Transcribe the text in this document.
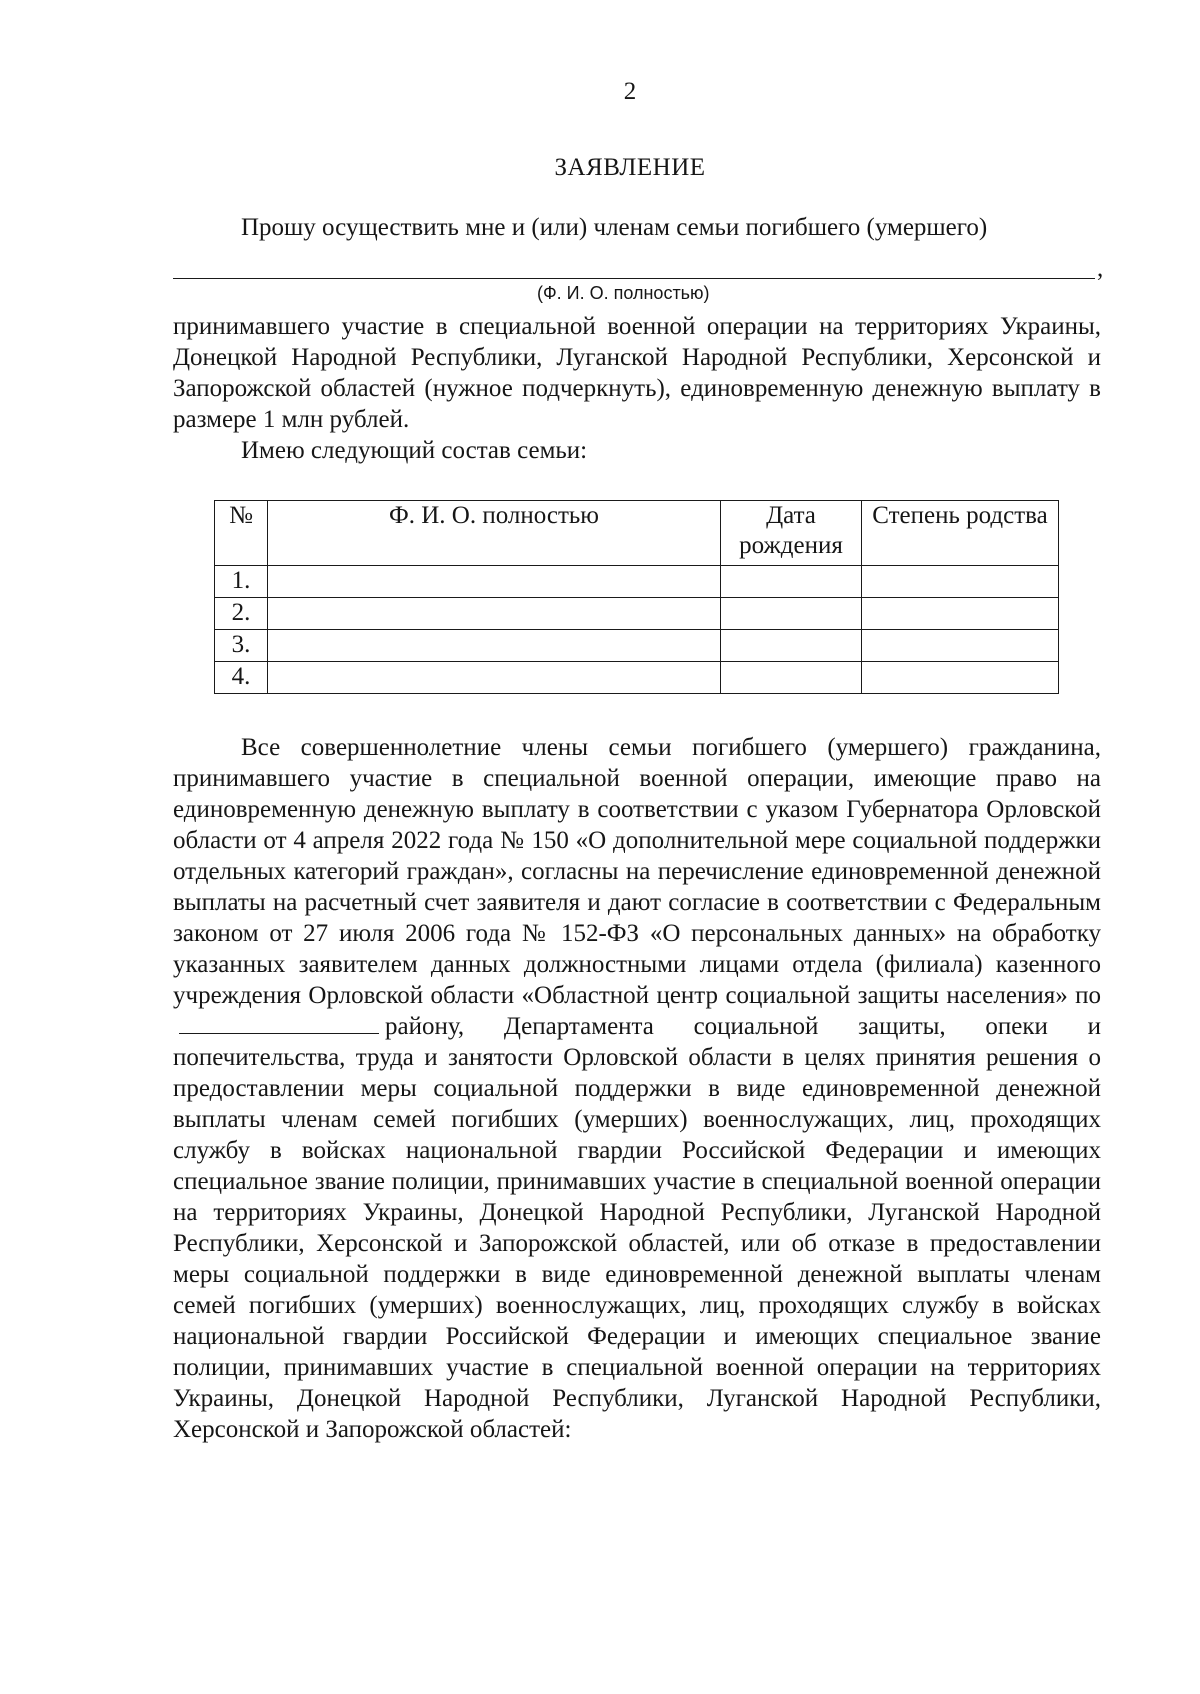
2
ЗАЯВЛЕНИЕ

Прошу осуществить мне и (или) членам семьи погибшего (умершего)

,
(Ф. И. О. полностью)

принимавшего участие в специальной военной операции на территориях Украины, Донецкой Народной Республики, Луганской Народной Республики, Херсонской и Запорожской областей (нужное подчеркнуть), единовременную денежную выплату в размере 1 млн рублей.

Имею следующий состав семьи:

№	Ф. И. О. полностью	Дата рождения	Степень родства
1.			
2.			
3.			
4.			

Все совершеннолетние члены семьи погибшего (умершего) гражданина, принимавшего участие в специальной военной операции, имеющие право на единовременную денежную выплату в соответствии с указом Губернатора Орловской области от 4 апреля 2022 года № 150 «О дополнительной мере социальной поддержки отдельных категорий граждан», согласны на перечисление единовременной денежной выплаты на расчетный счет заявителя и дают согласие в соответствии с Федеральным законом от 27 июля 2006 года № 152-ФЗ «О персональных данных» на обработку указанных заявителем данных должностными лицами отдела (филиала) казенного учреждения Орловской области «Областной центр социальной защиты населения» порайону, Департамента социальной защиты, опеки и попечительства, труда и занятости Орловской области в целях принятия решения о предоставлении меры социальной поддержки в виде единовременной денежной выплаты членам семей погибших (умерших) военнослужащих, лиц, проходящих службу в войсках национальной гвардии Российской Федерации и имеющих специальное звание полиции, принимавших участие в специальной военной операции на территориях Украины, Донецкой Народной Республики, Луганской Народной Республики, Херсонской и Запорожской областей, или об отказе в предоставлении меры социальной поддержки в виде единовременной денежной выплаты членам семей погибших (умерших) военнослужащих, лиц, проходящих службу в войсках национальной гвардии Российской Федерации и имеющих специальное звание полиции, принимавших участие в специальной военной операции на территориях Украины, Донецкой Народной Республики, Луганской Народной Республики, Херсонской и Запорожской областей:
